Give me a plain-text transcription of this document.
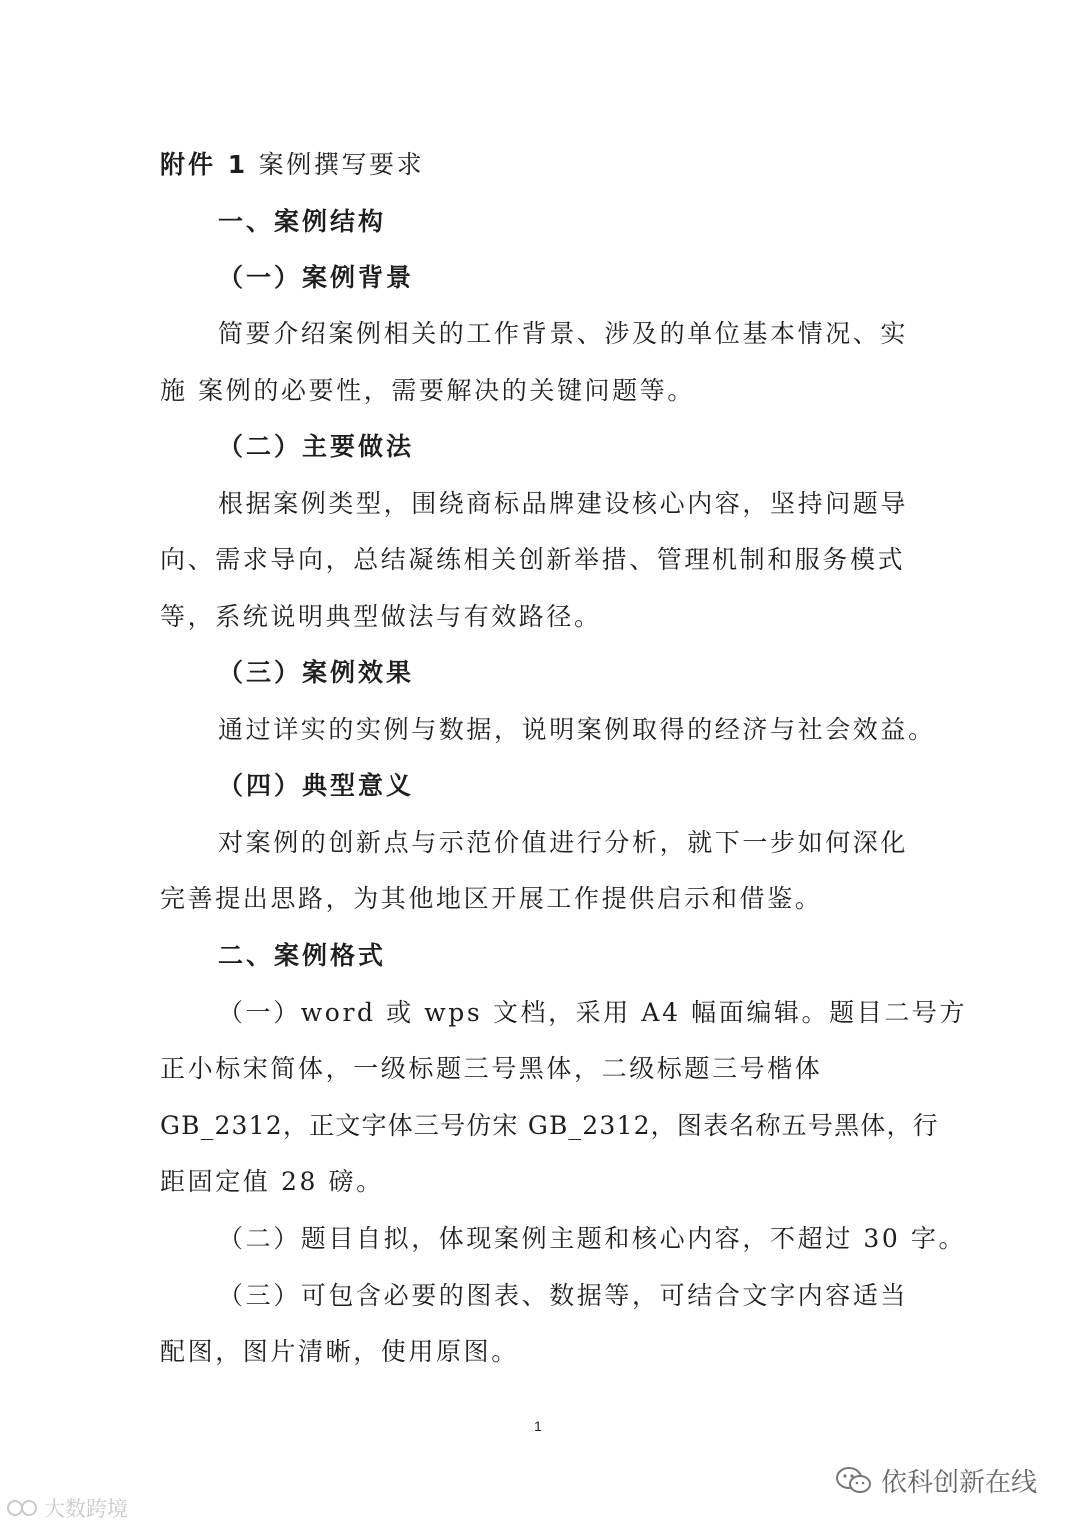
附件 1 案例撰写要求
一、案例结构
（一）案例背景
简要介绍案例相关的工作背景、涉及的单位基本情况、实
施 案例的必要性，需要解决的关键问题等。
（二）主要做法
根据案例类型，围绕商标品牌建设核心内容，坚持问题导
向、需求导向，总结凝练相关创新举措、管理机制和服务模式
等，系统说明典型做法与有效路径。
（三）案例效果
通过详实的实例与数据，说明案例取得的经济与社会效益。
（四）典型意义
对案例的创新点与示范价值进行分析，就下一步如何深化
完善提出思路，为其他地区开展工作提供启示和借鉴。
二、案例格式
（一）word 或 wps 文档，采用 A4 幅面编辑。题目二号方
正小标宋简体，一级标题三号黑体，二级标题三号楷体
GB_2312，正文字体三号仿宋 GB_2312，图表名称五号黑体，行
距固定值 28 磅。
（二）题目自拟，体现案例主题和核心内容，不超过 30 字。
（三）可包含必要的图表、数据等，可结合文字内容适当
配图，图片清晰，使用原图。
1
依科创新在线
大数跨境
